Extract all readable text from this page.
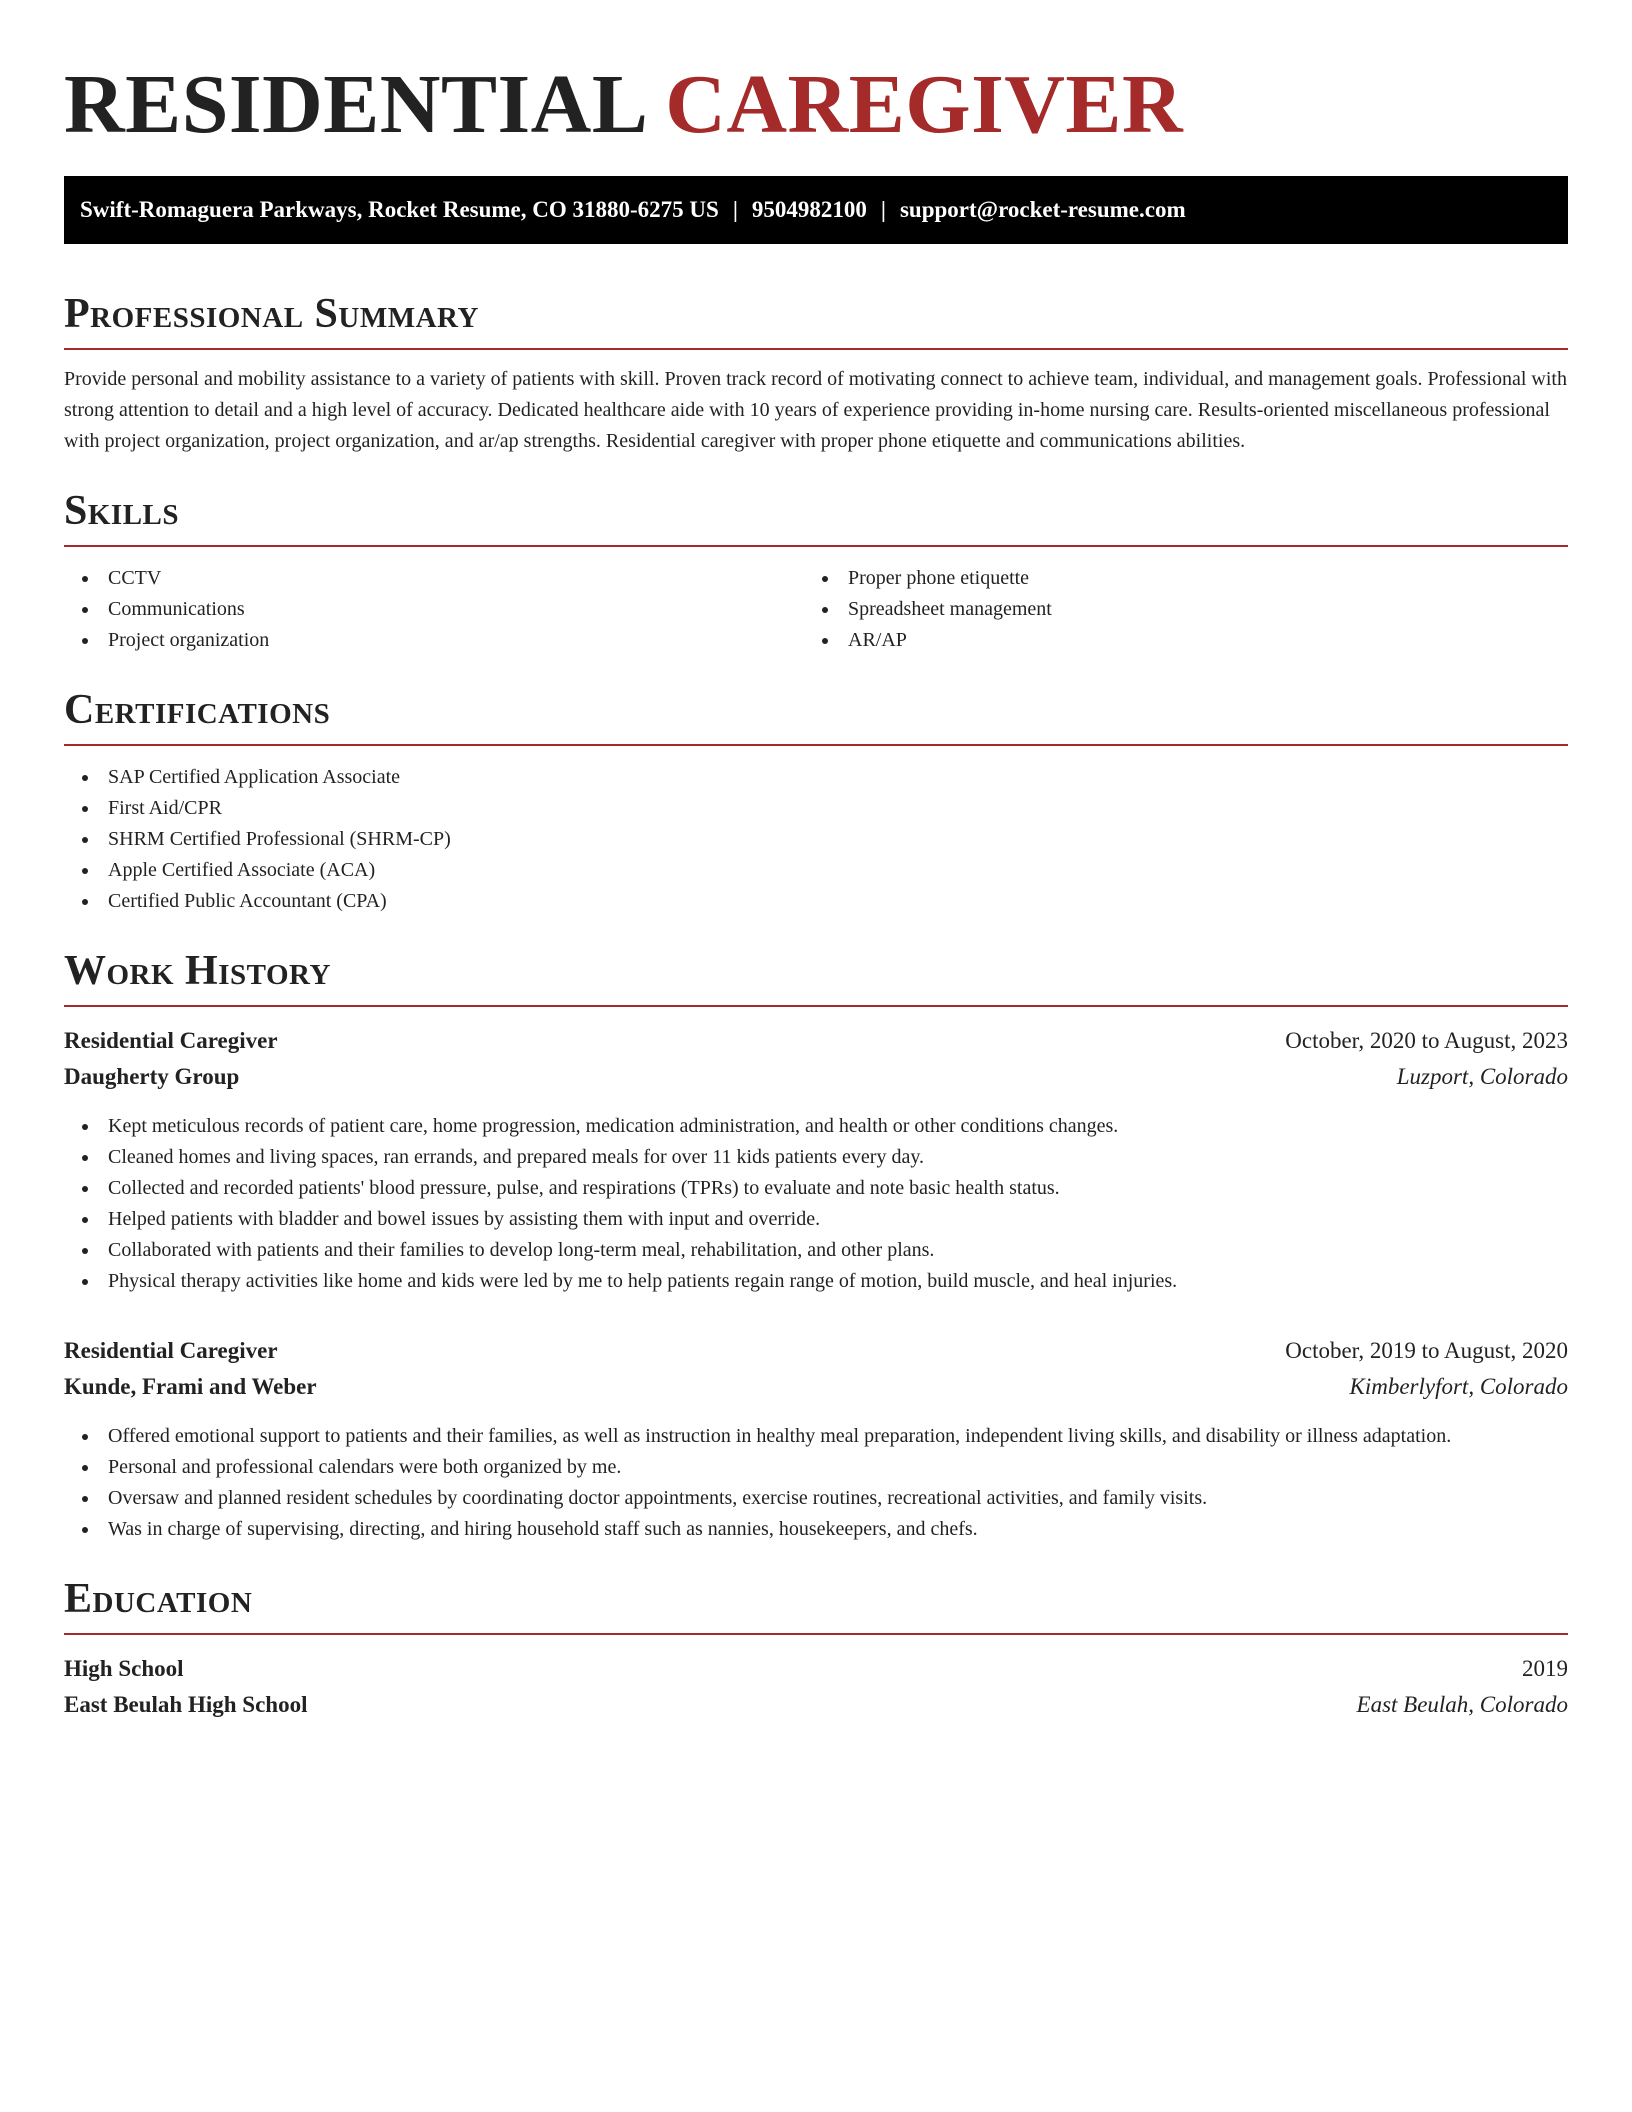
RESIDENTIAL CAREGIVER
Swift-Romaguera Parkways, Rocket Resume, CO 31880-6275 US | 9504982100 | support@rocket-resume.com
Professional Summary

Provide personal and mobility assistance to a variety of patients with skill. Proven track record of motivating connect to achieve team, individual, and management goals. Professional with strong attention to detail and a high level of accuracy. Dedicated healthcare aide with 10 years of experience providing in-home nursing care. Results-oriented miscellaneous professional with project organization, project organization, and ar/ap strengths. Residential caregiver with proper phone etiquette and communications abilities.

Skills
CCTV
Communications
Project organization
Proper phone etiquette
Spreadsheet management
AR/AP
Certifications
SAP Certified Application Associate
First Aid/CPR
SHRM Certified Professional (SHRM-CP)
Apple Certified Associate (ACA)
Certified Public Accountant (CPA)
Work History
Residential Caregiver	October, 2020 to August, 2023
Daugherty Group	Luzport, Colorado
Kept meticulous records of patient care, home progression, medication administration, and health or other conditions changes.
Cleaned homes and living spaces, ran errands, and prepared meals for over 11 kids patients every day.
Collected and recorded patients' blood pressure, pulse, and respirations (TPRs) to evaluate and note basic health status.
Helped patients with bladder and bowel issues by assisting them with input and override.
Collaborated with patients and their families to develop long-term meal, rehabilitation, and other plans.
Physical therapy activities like home and kids were led by me to help patients regain range of motion, build muscle, and heal injuries.
Residential Caregiver	October, 2019 to August, 2020
Kunde, Frami and Weber	Kimberlyfort, Colorado
Offered emotional support to patients and their families, as well as instruction in healthy meal preparation, independent living skills, and disability or illness adaptation.
Personal and professional calendars were both organized by me.
Oversaw and planned resident schedules by coordinating doctor appointments, exercise routines, recreational activities, and family visits.
Was in charge of supervising, directing, and hiring household staff such as nannies, housekeepers, and chefs.
Education
High School	2019
East Beulah High School	East Beulah, Colorado
